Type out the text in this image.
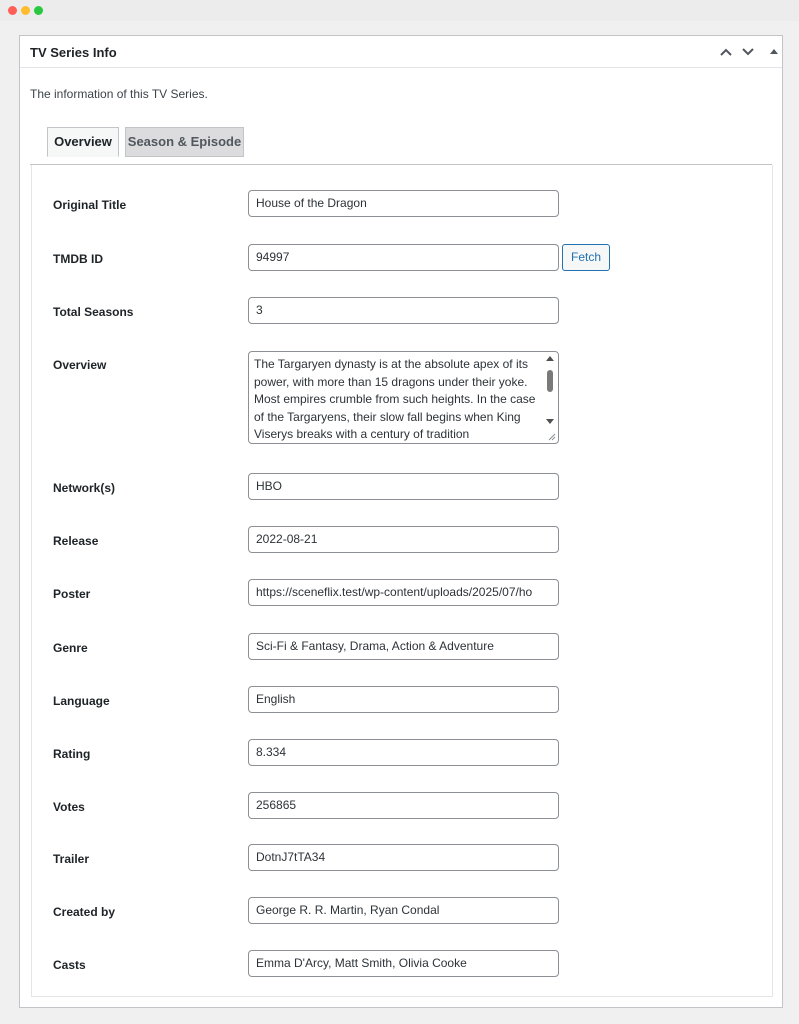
TV Series Info
The information of this TV Series.
Overview	Season & Episode
Original Title	House of the Dragon
TMDB ID	94997	Fetch
Total Seasons	3
Overview	The Targaryen dynasty is at the absolute apex of its power, with more than 15 dragons under their yoke. Most empires crumble from such heights. In the case of the Targaryens, their slow fall begins when King Viserys breaks with a century of tradition
Network(s)	HBO
Release	2022-08-21
Poster	https://sceneflix.test/wp-content/uploads/2025/07/ho
Genre	Sci-Fi & Fantasy, Drama, Action & Adventure
Language	English
Rating	8.334
Votes	256865
Trailer	DotnJ7tTA34
Created by	George R. R. Martin, Ryan Condal
Casts	Emma D'Arcy, Matt Smith, Olivia Cooke
